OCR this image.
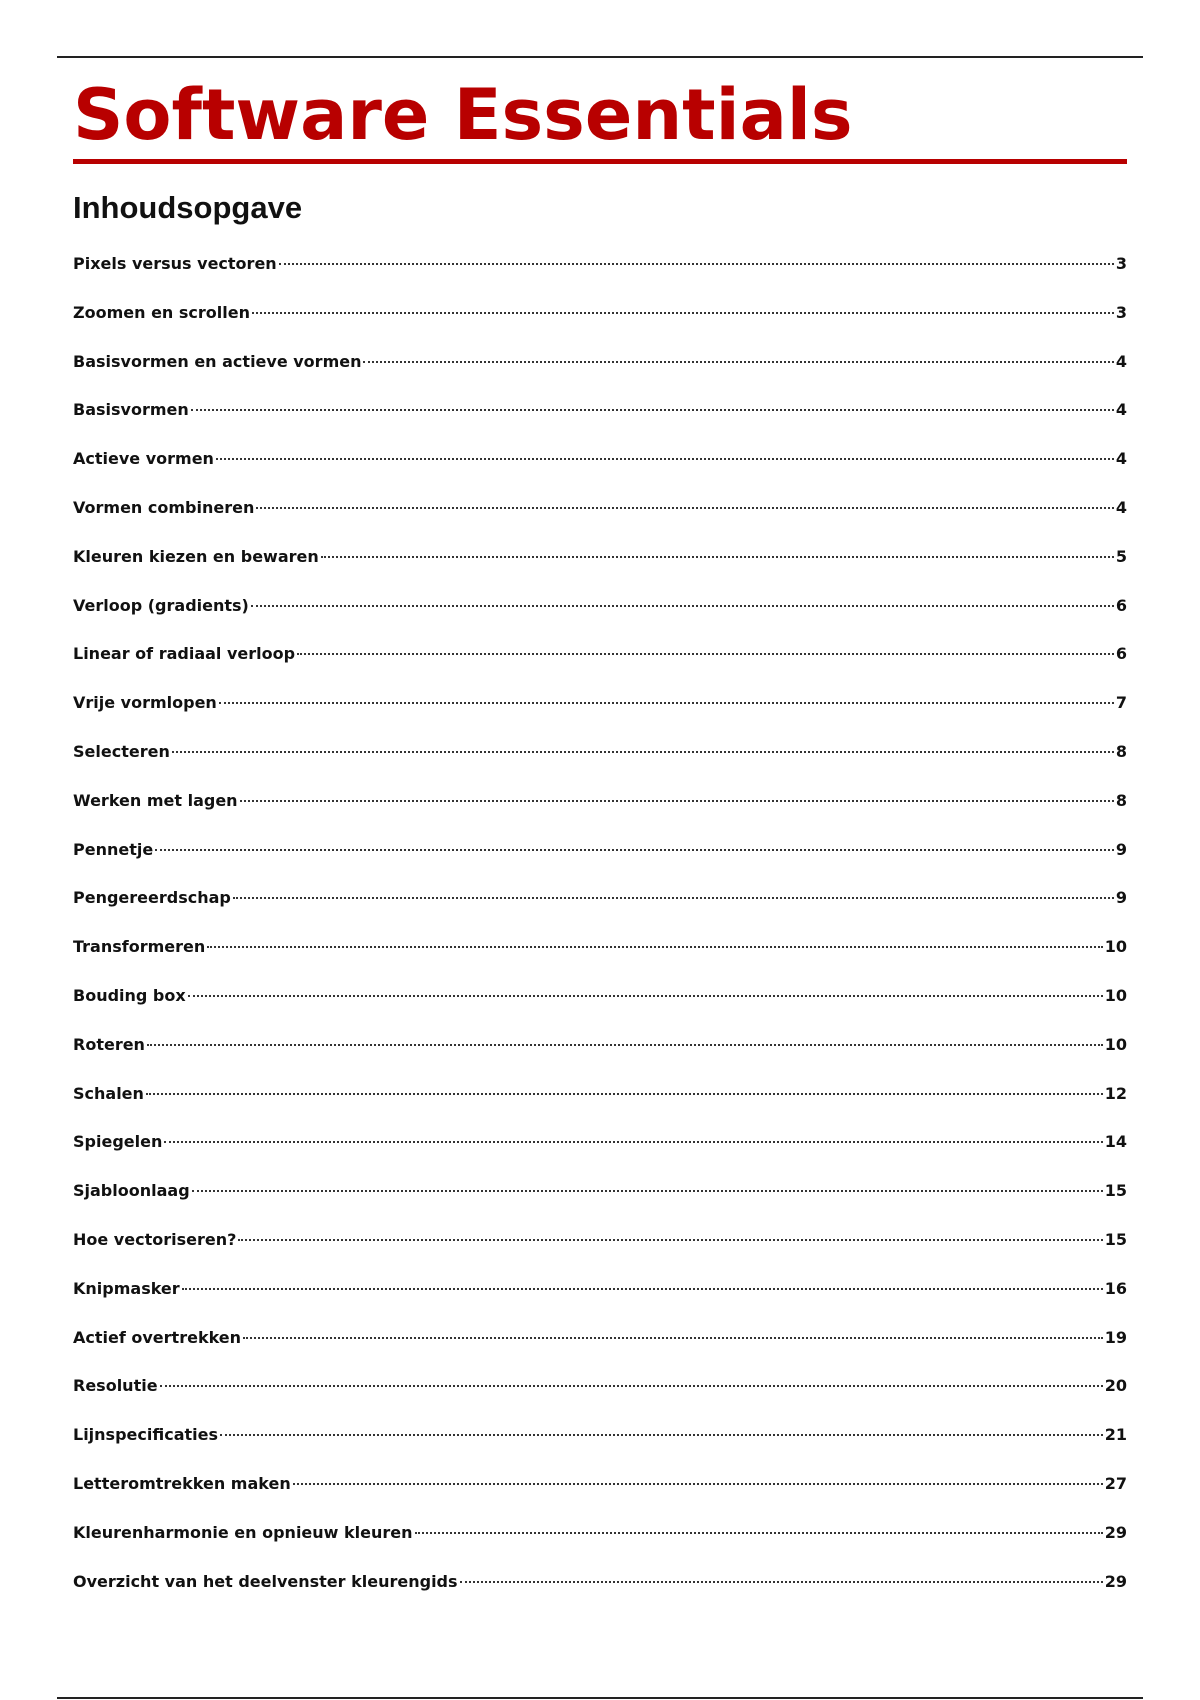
Software Essentials
Inhoudsopgave
Pixels versus vectoren	3
Zoomen en scrollen	3
Basisvormen en actieve vormen	4
Basisvormen	4
Actieve vormen	4
Vormen combineren	4
Kleuren kiezen en bewaren	5
Verloop (gradients)	6
Linear of radiaal verloop	6
Vrije vormlopen	7
Selecteren	8
Werken met lagen	8
Pennetje	9
Pengereerdschap	9
Transformeren	10
Bouding box	10
Roteren	10
Schalen	12
Spiegelen	14
Sjabloonlaag	15
Hoe vectoriseren?	15
Knipmasker	16
Actief overtrekken	19
Resolutie	20
Lijnspecificaties	21
Letteromtrekken maken	27
Kleurenharmonie en opnieuw kleuren	29
Overzicht van het deelvenster kleurengids	29
